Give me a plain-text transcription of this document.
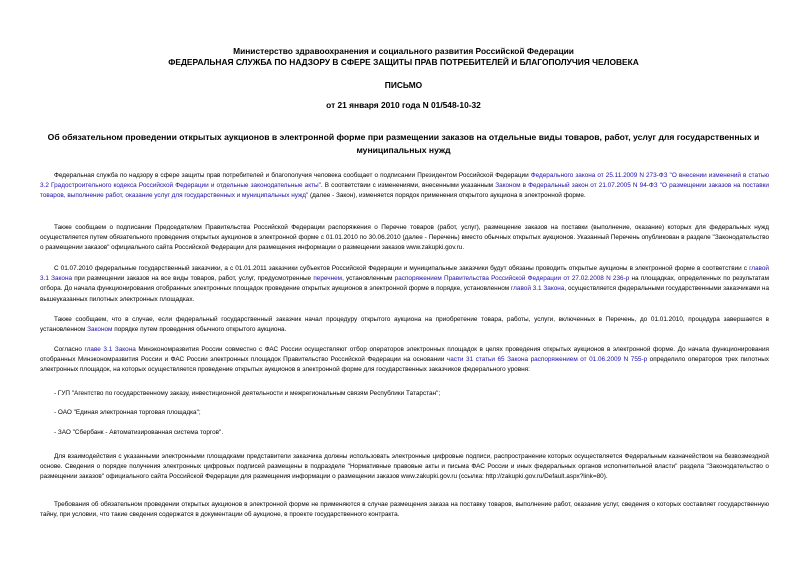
Министерство здравоохранения и социального развития Российской Федерации
ФЕДЕРАЛЬНАЯ СЛУЖБА ПО НАДЗОРУ В СФЕРЕ ЗАЩИТЫ ПРАВ ПОТРЕБИТЕЛЕЙ И БЛАГОПОЛУЧИЯ ЧЕЛОВЕКА
ПИСЬМО
от 21 января 2010 года N 01/548-10-32
Об обязательном проведении открытых аукционов в электронной форме при размещении заказов на отдельные виды товаров, работ, услуг для государственных и муниципальных нужд

Федеральная служба по надзору в сфере защиты прав потребителей и благополучия человека сообщает о подписании Президентом Российской Федерации Федерального закона от 25.11.2009 N 273-ФЗ "О внесении изменений в статью 3.2 Градостроительного кодекса Российской Федерации и отдельные законодательные акты". В соответствии с изменениями, внесенными указанным Законом в Федеральный закон от 21.07.2005 N 94-ФЗ "О размещении заказов на поставки товаров, выполнение работ, оказание услуг для государственных и муниципальных нужд" (далее - Закон), изменяется порядок применения открытого аукциона в электронной форме.

Также сообщаем о подписании Председателем Правительства Российской Федерации распоряжения о Перечне товаров (работ, услуг), размещение заказов на поставки (выполнение, оказание) которых для федеральных нужд осуществляется путем обязательного проведения открытых аукционов в электронной форме с 01.01.2010 по 30.06.2010 (далее - Перечень) вместо обычных открытых аукционов. Указанный Перечень опубликован в разделе "Законодательство о размещении заказов" официального сайта Российской Федерации для размещения информации о размещении заказов www.zakupki.gov.ru.

С 01.07.2010 федеральные государственный заказчики, а с 01.01.2011 заказчики субъектов Российской Федерации и муниципальные заказчики будут обязаны проводить открытые аукционы в электронной форме в соответствии с главой 3.1 Закона при размещении заказов на все виды товаров, работ, услуг, предусмотренные перечнем, установленным распоряжением Правительства Российской Федерации от 27.02.2008 N 236-р на площадках, определенных по результатам отбора. До начала функционирования отобранных электронных площадок проведение открытых аукционов в электронной форме в порядке, установленном главой 3.1 Закона, осуществляется федеральными государственными заказчиками на вышеуказанных пилотных электронных площадках.

Также сообщаем, что в случае, если федеральный государственный заказчик начал процедуру открытого аукциона на приобретение товара, работы, услуги, включенных в Перечень, до 01.01.2010, процедура завершается в установленном Законом порядке путем проведения обычного открытого аукциона.

Согласно главе 3.1 Закона Минэкономразвития России совместно с ФАС России осуществляют отбор операторов электронных площадок в целях проведения открытых аукционов в электронной форме. До начала функционирования отобранных Минэкономразвития России и ФАС России электронных площадок Правительство Российской Федерации на основании части 31 статьи 65 Закона распоряжением от 01.06.2009 N 755-р определило операторов трех пилотных электронных площадок, на которых осуществляется проведение открытых аукционов в электронной форме для государственных заказчиков федерального уровня:

- ГУП "Агентство по государственному заказу, инвестиционной деятельности и межрегиональным связям Республики Татарстан";

- ОАО "Единая электронная торговая площадка";

- ЗАО "Сбербанк - Автоматизированная система торгов".

Для взаимодействия с указанными электронными площадками представители заказчика должны использовать электронные цифровые подписи, распространение которых осуществляется Федеральным казначейством на безвозмездной основе. Сведения о порядке получения электронных цифровых подписей размещены в подразделе "Нормативные правовые акты и письма ФАС России и иных федеральных органов исполнительной власти" раздела "Законодательство о размещении заказов" официального сайта Российской Федерации для размещения информации о размещении заказов www.zakupki.gov.ru (ссылка: http://zakupki.gov.ru/Default.aspx?link=80).

Требования об обязательном проведении открытых аукционов в электронной форме не применяются в случае размещения заказа на поставку товаров, выполнение работ, оказание услуг, сведения о которых составляет государственную тайну, при условии, что такие сведения содержатся в документации об аукционе, в проекте государственного контракта.
